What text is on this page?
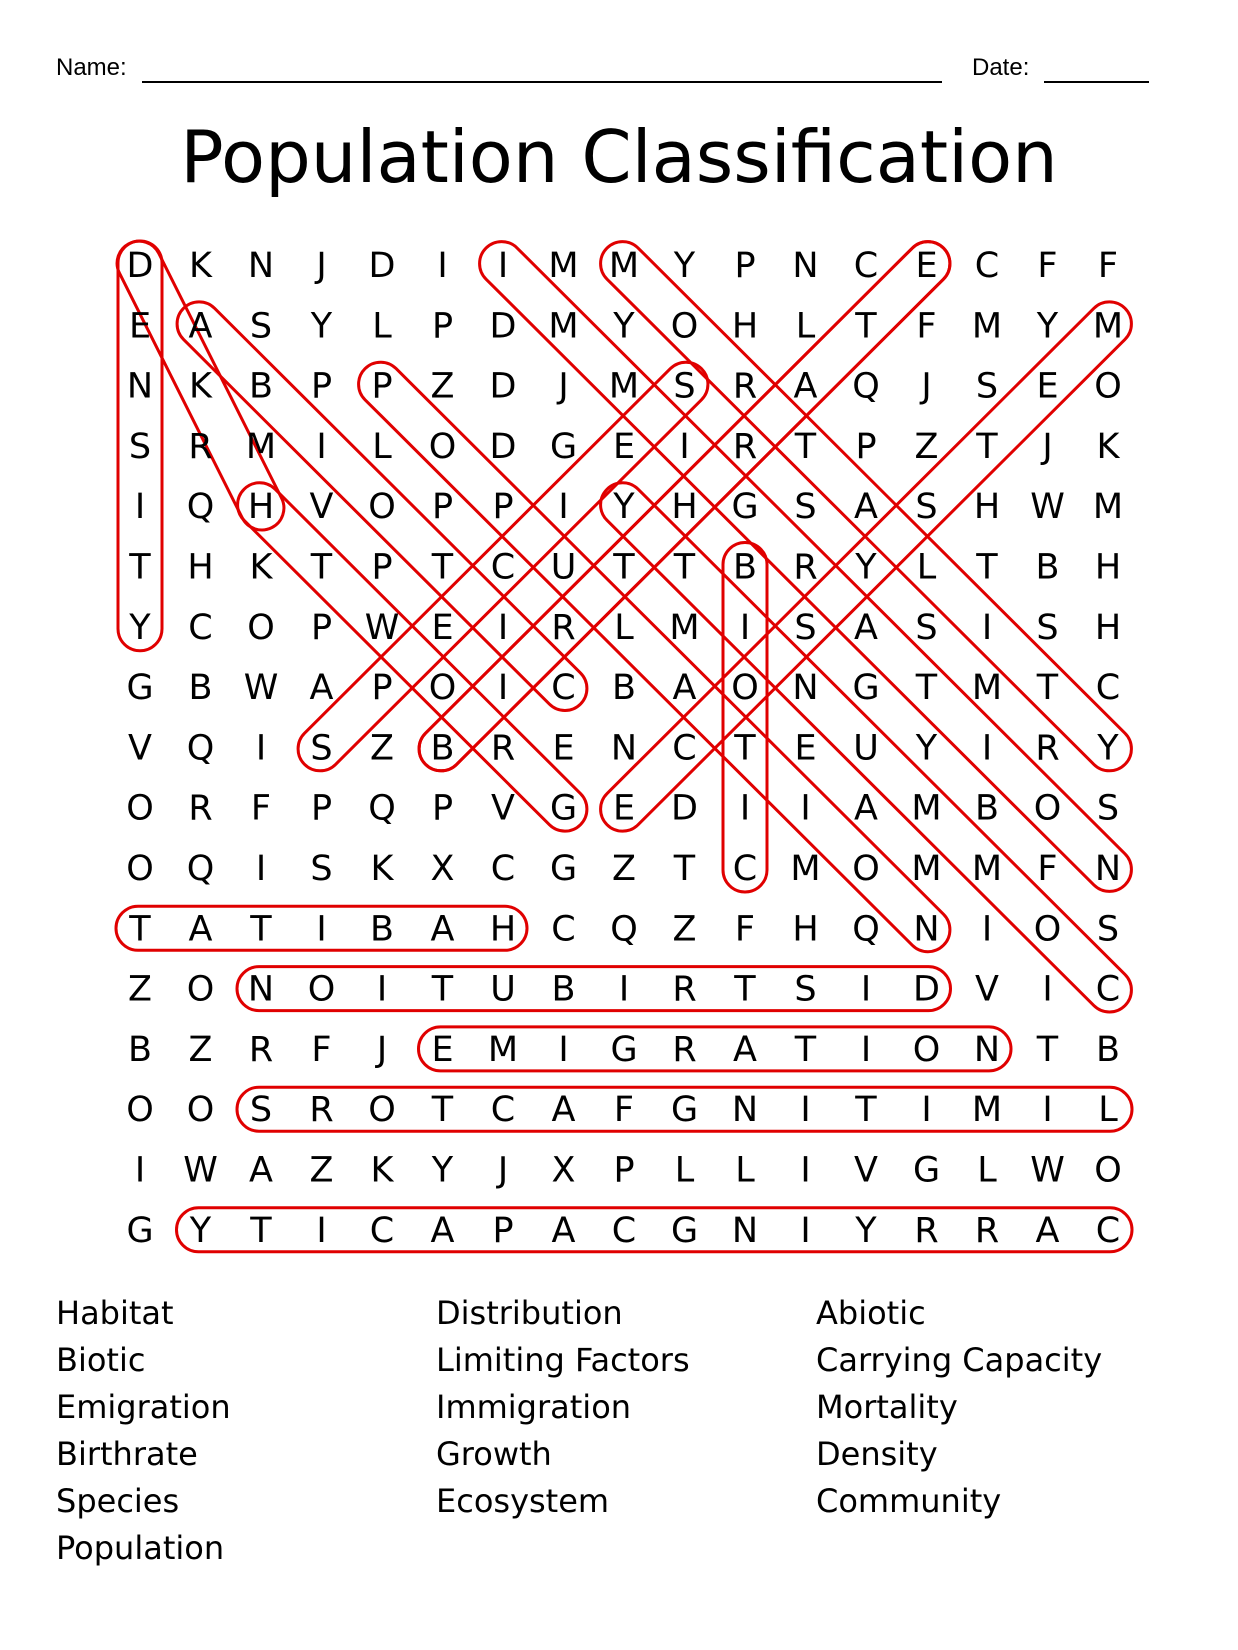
Name:	Date:
Population Classification
D K N J D I I M M Y P N C E C F F
E A S Y L P D M Y O H L T F M Y M
N K B P P Z D J M S R A Q J S E O
S R M I L O D G E I R T P Z T J K
I Q H V O P P I Y H G S A S H W M
T H K T P T C U T T B R Y L T B H
Y C O P W E I R L M I S A S I S H
G B W A P O I C B A O N G T M T C
V Q I S Z B R E N C T E U Y I R Y
O R F P Q P V G E D I I A M B O S
O Q I S K X C G Z T C M O M M F N
T A T I B A H C Q Z F H Q N I O S
Z O N O I T U B I R T S I D V I C
B Z R F J E M I G R A T I O N T B
O O S R O T C A F G N I T I M I L
I W A Z K Y J X P L L I V G L W O
G Y T I C A P A C G N I Y R R A C
Habitat
Biotic
Emigration
Birthrate
Species
Population
Distribution
Limiting Factors
Immigration
Growth
Ecosystem
Abiotic
Carrying Capacity
Mortality
Density
Community
